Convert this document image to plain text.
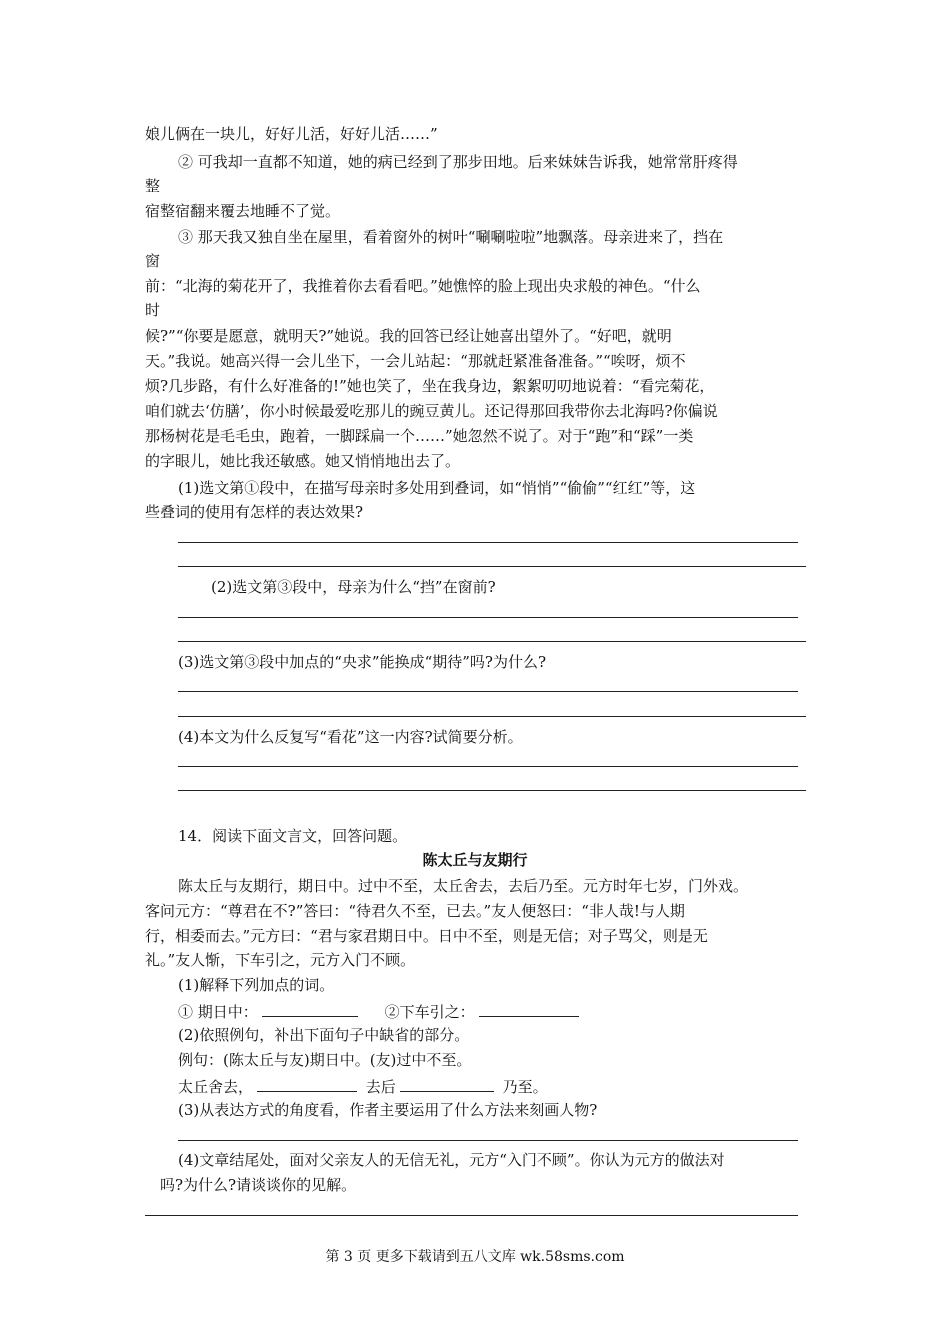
娘儿俩在一块儿，好好儿活，好好儿活……”
② 可我却一直都不知道，她的病已经到了那步田地。后来妹妹告诉我，她常常肝疼得
整
宿整宿翻来覆去地睡不了觉。
③ 那天我又独自坐在屋里，看着窗外的树叶“唰唰啦啦”地飘落。母亲进来了，挡在
窗
前：“北海的菊花开了，我推着你去看看吧。”她憔悴的脸上现出央求般的神色。“什么
时
候?”“你要是愿意，就明天?”她说。我的回答已经让她喜出望外了。“好吧，就明
天。”我说。她高兴得一会儿坐下，一会儿站起：“那就赶紧准备准备。”“唉呀，烦不
烦?几步路，有什么好准备的!”她也笑了，坐在我身边，絮絮叨叨地说着：“看完菊花，
咱们就去‘仿膳’，你小时候最爱吃那儿的豌豆黄儿。还记得那回我带你去北海吗?你偏说
那杨树花是毛毛虫，跑着，一脚踩扁一个……”她忽然不说了。对于“跑”和“踩”一类
的字眼儿，她比我还敏感。她又悄悄地出去了。
(1)选文第①段中，在描写母亲时多处用到叠词，如“悄悄”“偷偷”“红红”等，这
些叠词的使用有怎样的表达效果?
(2)选文第③段中，母亲为什么“挡”在窗前?
(3)选文第③段中加点的“央求”能换成“期待”吗?为什么?
(4)本文为什么反复写“看花”这一内容?试简要分析。
14．阅读下面文言文，回答问题。
陈太丘与友期行
陈太丘与友期行，期日中。过中不至，太丘舍去，去后乃至。元方时年七岁，门外戏。
客问元方：“尊君在不?”答曰：“待君久不至，已去。”友人便怒曰：“非人哉!与人期
行，相委而去。”元方曰：“君与家君期日中。日中不至，则是无信；对子骂父，则是无
礼。”友人惭，下车引之，元方入门不顾。
(1)解释下列加点的词。
① 期日中：	②下车引之：
(2)依照例句，补出下面句子中缺省的部分。
例句：(陈太丘与友)期日中。(友)过中不至。
太丘舍去，	去后	乃至。
(3)从表达方式的角度看，作者主要运用了什么方法来刻画人物?
(4)文章结尾处，面对父亲友人的无信无礼，元方“入门不顾”。你认为元方的做法对
吗?为什么?请谈谈你的见解。
第 3 页 更多下载请到五八文库 wk.58sms.com
